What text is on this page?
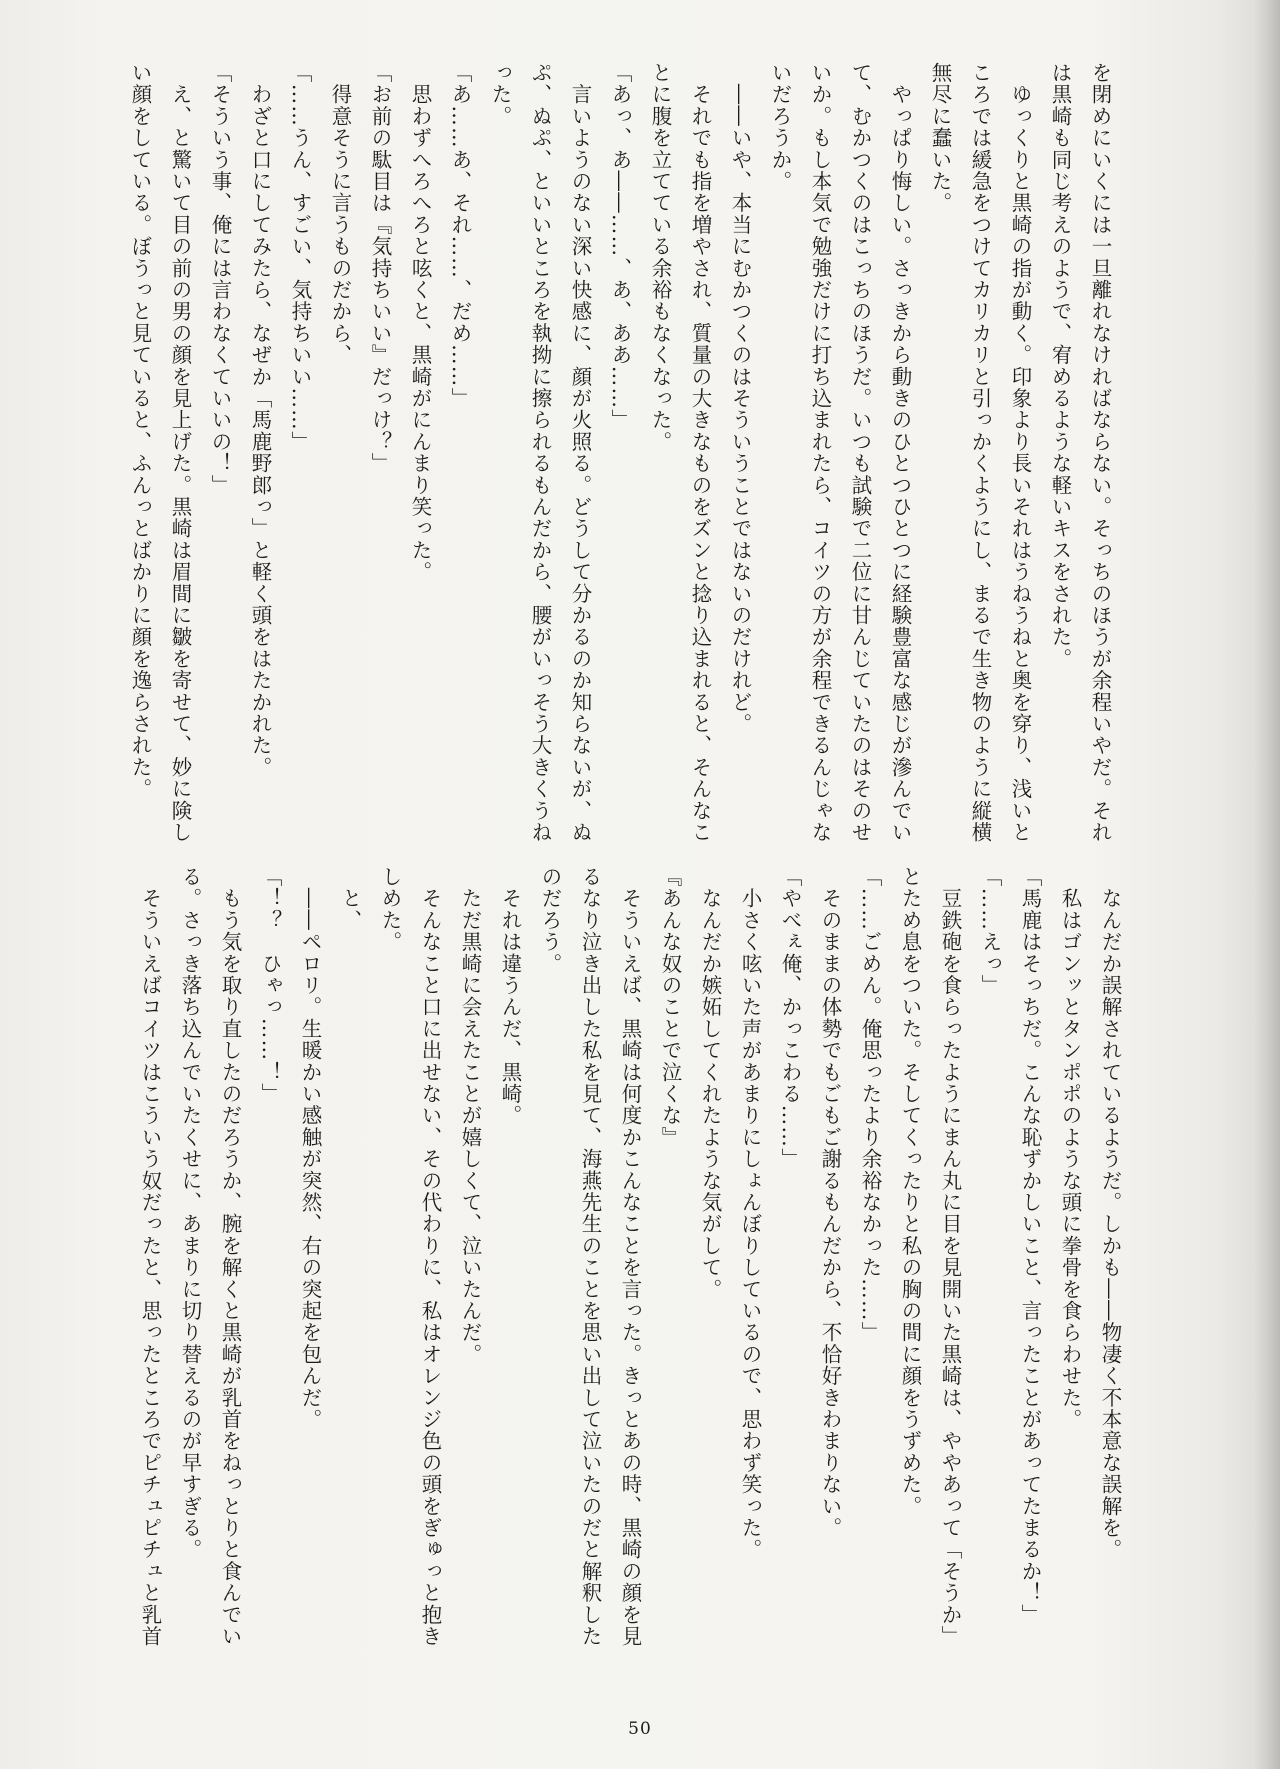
を閉めにいくには一旦離れなければならない。そっちのほうが余程いやだ。それ
は黒崎も同じ考えのようで、宥めるような軽いキスをされた。
　ゆっくりと黒崎の指が動く。印象より長いそれはうねうねと奥を穿り、浅いと
ころでは緩急をつけてカリカリと引っかくようにし、まるで生き物のように縦横
無尽に蠢いた。
　やっぱり悔しい。さっきから動きのひとつひとつに経験豊富な感じが滲んでい
て、むかつくのはこっちのほうだ。いつも試験で二位に甘んじていたのはそのせ
いか。もし本気で勉強だけに打ち込まれたら、コイツの方が余程できるんじゃな
いだろうか。
　――いや、本当にむかつくのはそういうことではないのだけれど。
　それでも指を増やされ、質量の大きなものをズンと捻り込まれると、そんなこ
とに腹を立てている余裕もなくなった。
「あっ、あ――……、あ、ああ……」
　言いようのない深い快感に、顔が火照る。どうして分かるのか知らないが、ぬ
ぷ、ぬぷ、といいところを執拗に擦られるもんだから、腰がいっそう大きくうね
った。
「あ……あ、それ……、だめ……」
　思わずへろへろと呟くと、黒崎がにんまり笑った。
「お前の駄目は『気持ちいい』だっけ？」
　得意そうに言うものだから、
「……うん、すごい、気持ちいい……」
　わざと口にしてみたら、なぜか「馬鹿野郎っ」と軽く頭をはたかれた。
「そういう事、俺には言わなくていいの！」
　え、と驚いて目の前の男の顔を見上げた。黒崎は眉間に皺を寄せて、妙に険し
い顔をしている。ぼうっと見ていると、ふんっとばかりに顔を逸らされた。
　なんだか誤解されているようだ。しかも――物凄く不本意な誤解を。
　私はゴンッとタンポポのような頭に拳骨を食らわせた。
「馬鹿はそっちだ。こんな恥ずかしいこと、言ったことがあってたまるか！」
「……えっ」
　豆鉄砲を食らったようにまん丸に目を見開いた黒崎は、ややあって「そうか」
とため息をついた。そしてくったりと私の胸の間に顔をうずめた。
「……ごめん。俺思ったより余裕なかった……」
　そのままの体勢でもごもご謝るもんだから、不恰好きわまりない。
「やべぇ俺、かっこわる……」
　小さく呟いた声があまりにしょんぼりしているので、思わず笑った。
　なんだか嫉妬してくれたような気がして。
『あんな奴のことで泣くな』
　そういえば、黒崎は何度かこんなことを言った。きっとあの時、黒崎の顔を見
るなり泣き出した私を見て、海燕先生のことを思い出して泣いたのだと解釈した
のだろう。
　それは違うんだ、黒崎。
　ただ黒崎に会えたことが嬉しくて、泣いたんだ。
　そんなこと口に出せない、その代わりに、私はオレンジ色の頭をぎゅっと抱き
しめた。
　と、
　――ペロリ。生暖かい感触が突然、右の突起を包んだ。
「！？　ひゃっ……！」
　もう気を取り直したのだろうか、腕を解くと黒崎が乳首をねっとりと食んでい
る。さっき落ち込んでいたくせに、あまりに切り替えるのが早すぎる。
　そういえばコイツはこういう奴だったと、思ったところでピチュピチュと乳首
50
